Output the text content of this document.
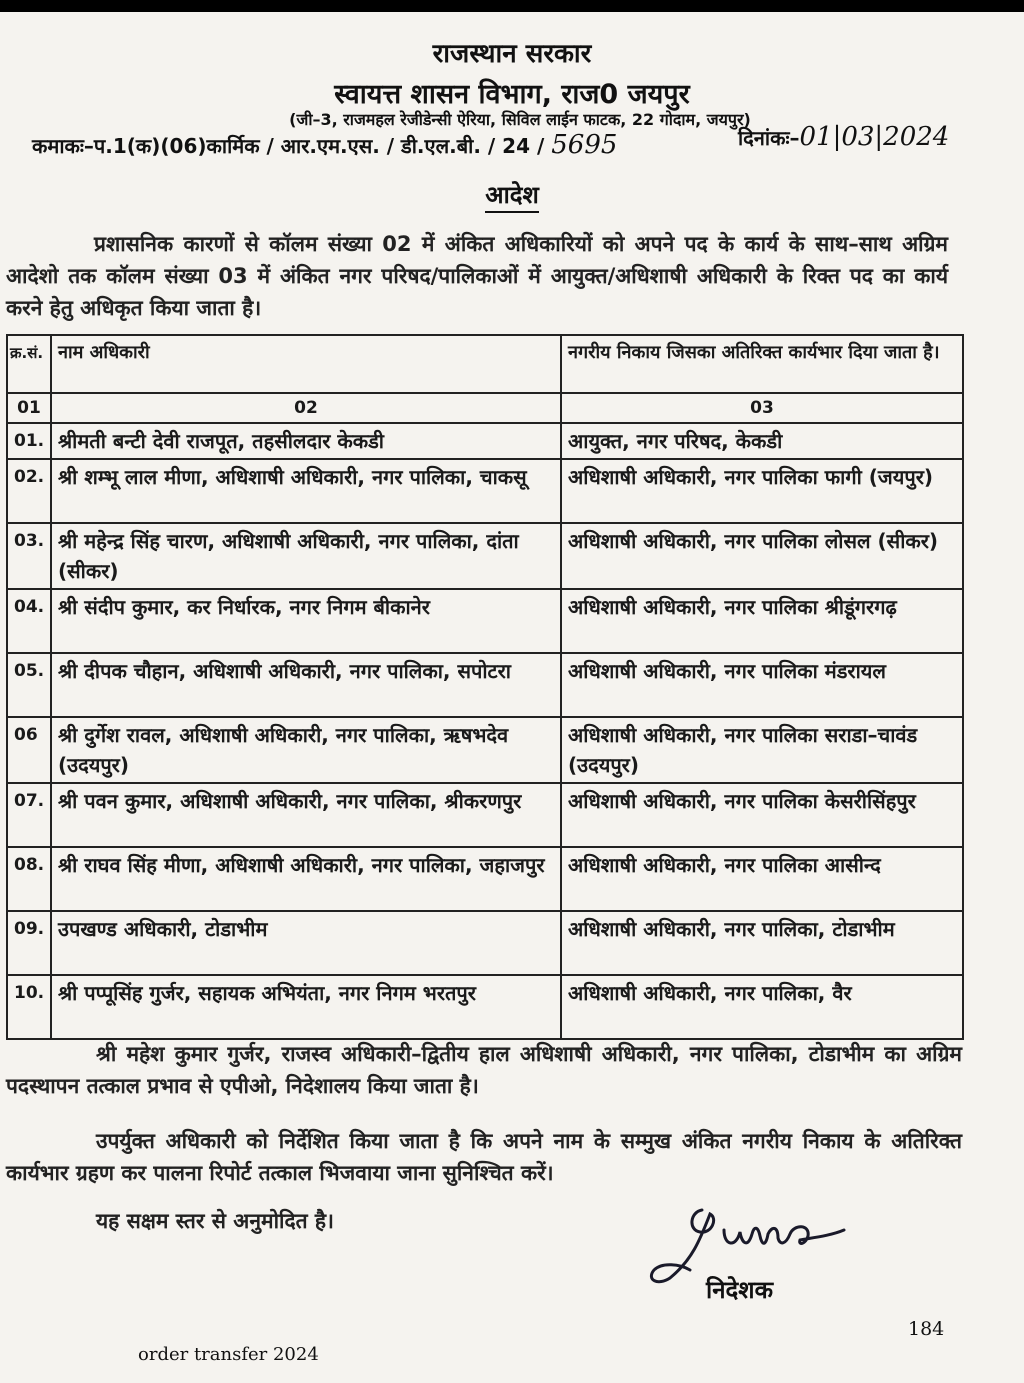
राजस्थान सरकार
स्वायत्त शासन विभाग, राज0 जयपुर
(जी–3, राजमहल रेजीडेन्सी ऐरिया, सिविल लाईन फाटक, 22 गोदाम, जयपुर)
कमाकः–प.1(क)(06)कार्मिक / आर.एम.एस. / डी.एल.बी. / 24 / 5695	दिनांकः–01|03|2024
आदेश
प्रशासनिक कारणों से कॉलम संख्या 02 में अंकित अधिकारियों को अपने पद के कार्य के साथ–साथ अग्रिम आदेशो तक कॉलम संख्या 03 में अंकित नगर परिषद/पालिकाओं में आयुक्त/अधिशाषी अधिकारी के रिक्त पद का कार्य करने हेतु अधिकृत किया जाता है।
क्र.सं.	नाम अधिकारी	नगरीय निकाय जिसका अतिरिक्त कार्यभार दिया जाता है।
01	02	03
01.	श्रीमती बन्टी देवी राजपूत, तहसीलदार केकडी	आयुक्त, नगर परिषद, केकडी
02.	श्री शम्भू लाल मीणा, अधिशाषी अधिकारी, नगर पालिका, चाकसू	अधिशाषी अधिकारी, नगर पालिका फागी (जयपुर)
03.	श्री महेन्द्र सिंह चारण, अधिशाषी अधिकारी, नगर पालिका, दांता (सीकर)	अधिशाषी अधिकारी, नगर पालिका लोसल (सीकर)
04.	श्री संदीप कुमार, कर निर्धारक, नगर निगम बीकानेर	अधिशाषी अधिकारी, नगर पालिका श्रीडूंगरगढ़
05.	श्री दीपक चौहान, अधिशाषी अधिकारी, नगर पालिका, सपोटरा	अधिशाषी अधिकारी, नगर पालिका मंडरायल
06	श्री दुर्गेश रावल, अधिशाषी अधिकारी, नगर पालिका, ऋषभदेव (उदयपुर)	अधिशाषी अधिकारी, नगर पालिका सराडा–चावंड (उदयपुर)
07.	श्री पवन कुमार, अधिशाषी अधिकारी, नगर पालिका, श्रीकरणपुर	अधिशाषी अधिकारी, नगर पालिका केसरीसिंहपुर
08.	श्री राघव सिंह मीणा, अधिशाषी अधिकारी, नगर पालिका, जहाजपुर	अधिशाषी अधिकारी, नगर पालिका आसीन्द
09.	उपखण्ड अधिकारी, टोडाभीम	अधिशाषी अधिकारी, नगर पालिका, टोडाभीम
10.	श्री पप्पूसिंह गुर्जर, सहायक अभियंता, नगर निगम भरतपुर	अधिशाषी अधिकारी, नगर पालिका, वैर
श्री महेश कुमार गुर्जर, राजस्व अधिकारी–द्वितीय हाल अधिशाषी अधिकारी, नगर पालिका, टोडाभीम का अग्रिम पदस्थापन तत्काल प्रभाव से एपीओ, निदेशालय किया जाता है।
उपर्युक्त अधिकारी को निर्देशित किया जाता है कि अपने नाम के सम्मुख अंकित नगरीय निकाय के अतिरिक्त कार्यभार ग्रहण कर पालना रिपोर्ट तत्काल भिजवाया जाना सुनिश्चित करें।
यह सक्षम स्तर से अनुमोदित है।
निदेशक
184
order transfer 2024
